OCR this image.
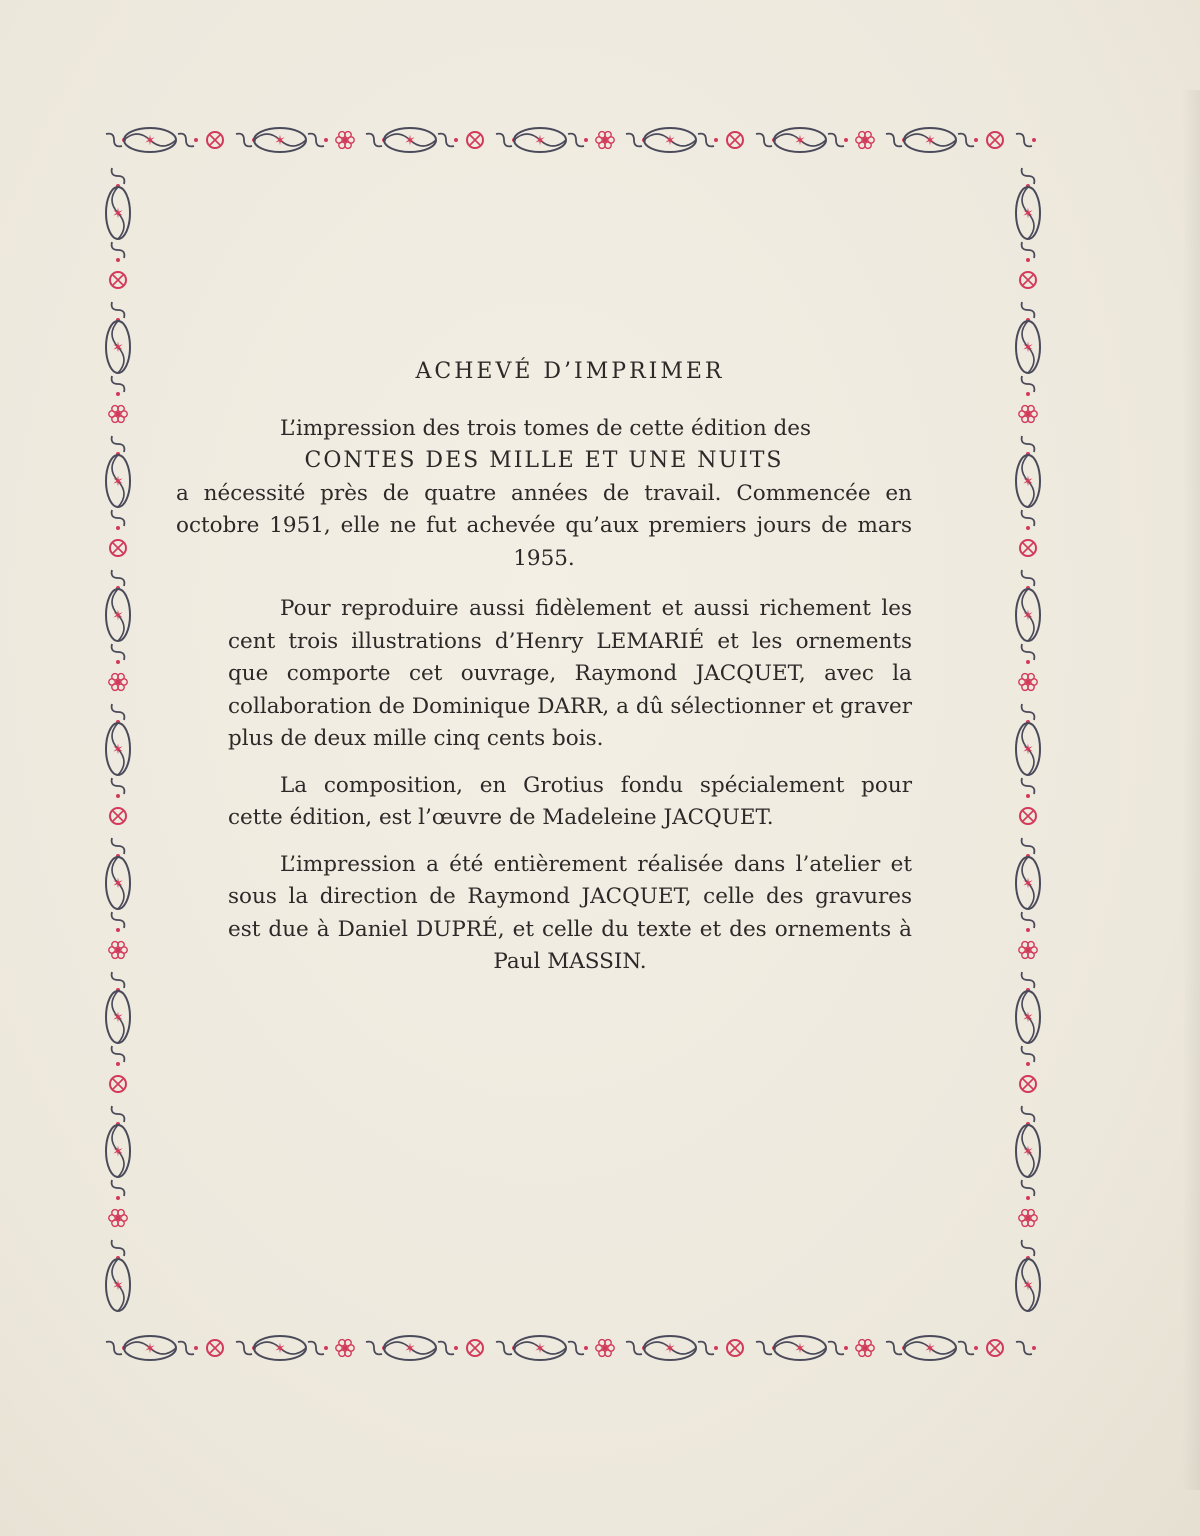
✶	✶	✶	✶	✶	✶	✶
✶	✶	✶	✶	✶	✶	✶
✶
✶
✶
✶
✶
✶
✶
✶
✶
✶
✶
✶
✶
✶
✶
✶
✶
✶
ACHEVÉ D’IMPRIMER

L’impression des trois tomes de cette édition des
CONTES DES MILLE ET UNE NUITS
a nécessité près de quatre années de travail. Commencée en octobre 1951, elle ne fut achevée qu’aux premiers jours de mars 1955.

Pour reproduire aussi fidèlement et aussi richement les cent trois illustrations d’Henry LEMARIÉ et les ornements que comporte cet ouvrage, Raymond JACQUET, avec la collaboration de Dominique DARR, a dû sélectionner et graver plus de deux mille cinq cents bois.

La composition, en Grotius fondu spécialement pour cette édition, est l’œuvre de Madeleine JACQUET.

L’impression a été entièrement réalisée dans l’atelier et sous la direction de Raymond JACQUET, celle des gravures est due à Daniel DUPRÉ, et celle du texte et des ornements à Paul MASSIN.
